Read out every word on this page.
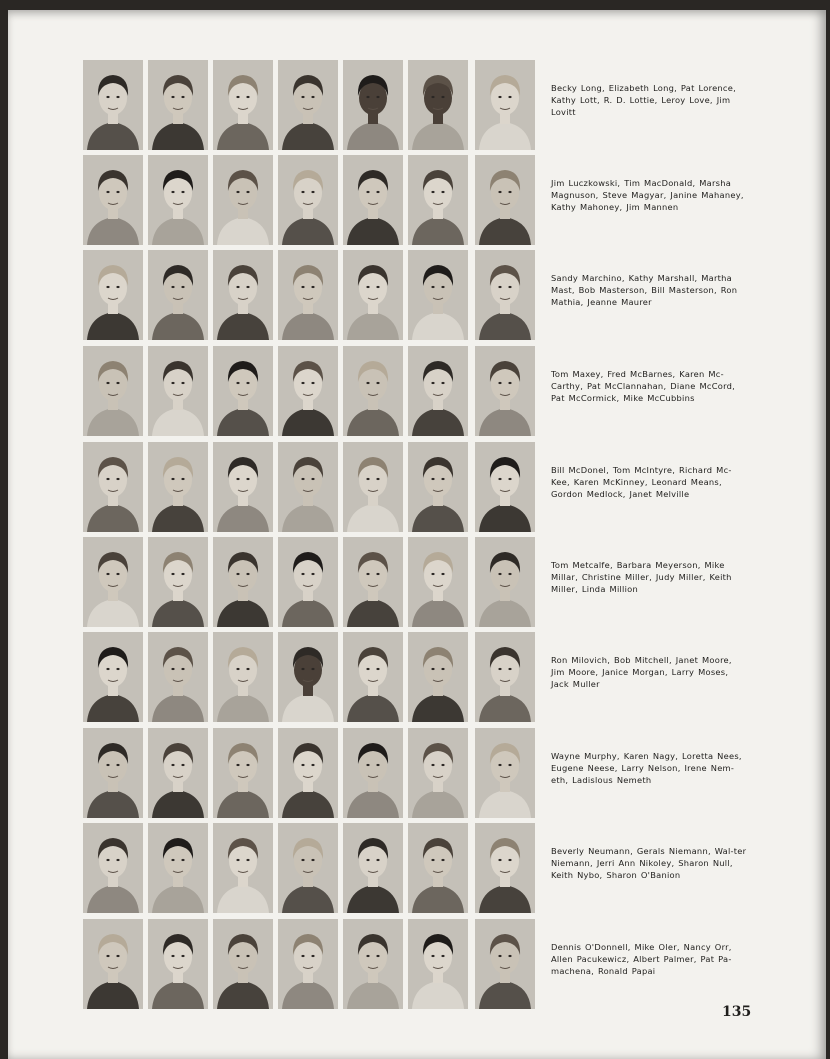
135
Becky Long, Elizabeth Long, Pat Lorence, Kathy Lott, R. D. Lottie, Leroy Love, Jim Lovitt
Jim Luczkowski, Tim MacDonald, Marsha Magnuson, Steve Magyar, Janine Mahaney, Kathy Mahoney, Jim Mannen
Sandy Marchino, Kathy Marshall, Martha Mast, Bob Masterson, Bill Masterson, Ron Mathia, Jeanne Maurer
Tom Maxey, Fred McBarnes, Karen Mc-Carthy, Pat McClannahan, Diane McCord, Pat McCormick, Mike McCubbins
Bill McDonel, Tom McIntyre, Richard Mc-Kee, Karen McKinney, Leonard Means, Gordon Medlock, Janet Melville
Tom Metcalfe, Barbara Meyerson, Mike Millar, Christine Miller, Judy Miller, Keith Miller, Linda Million
Ron Milovich, Bob Mitchell, Janet Moore, Jim Moore, Janice Morgan, Larry Moses, Jack Muller
Wayne Murphy, Karen Nagy, Loretta Nees, Eugene Neese, Larry Nelson, Irene Nem-eth, Ladislous Nemeth
Beverly Neumann, Gerals Niemann, Wal-ter Niemann, Jerri Ann Nikoley, Sharon Null, Keith Nybo, Sharon O'Banion
Dennis O'Donnell, Mike Oler, Nancy Orr, Allen Pacukewicz, Albert Palmer, Pat Pa-machena, Ronald Papai
